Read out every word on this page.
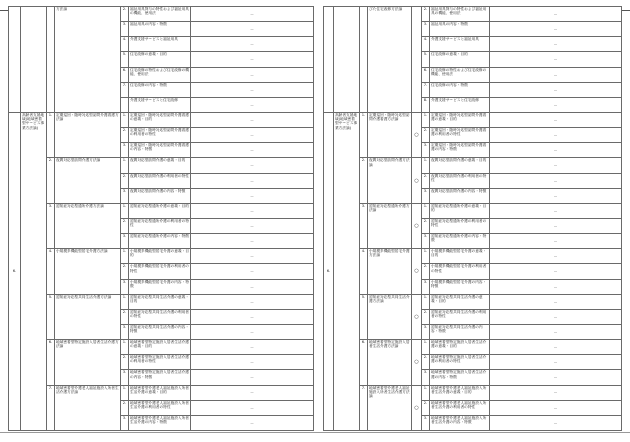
			方法論	2.	福祉用具貸与の特性および福祉用具の機能、使用法	―
				3.	福祉用具の内容・特徴	―
				4.	介護支援サービスと福祉用具	―
				5.	住宅改修の意義・目的	―
				6.	住宅改修の特性および住宅改修の機能、使用法	―
				7.	住宅改修の内容・特徴	―
					介護支援サービスと住宅改修	―
6.	高齢者支援地域(地域密着型サービス事業方法論)	1.	定期巡回・随時対応型訪問介護看護方法論	1.	定期巡回・随時対応型訪問介護看護の意義・目的	―
				2.	定期巡回・随時対応型訪問介護看護の利用者の特性	―
				3.	定期巡回・随時対応型訪問介護看護の内容・特徴	―
		2.	夜間対応型訪問介護方法論	1.	夜間対応型訪問介護の意義・目的	―
				2.	夜間対応型訪問介護の利用者の特性	―
				3.	夜間対応型訪問介護の内容・特徴	―
		3.	認知症対応型通所介護方法論	1.	認知症対応型通所介護の意義・目的	―
				2.	認知症対応型通所介護の利用者の特性	―
				3.	認知症対応型通所介護の内容・特徴	―
		4.	小規模多機能型居宅介護方法論	1.	小規模多機能型居宅介護の意義・目的	―
				2.	小規模多機能型居宅介護の利用者の特性	―
				3.	小規模多機能型居宅介護の内容・特徴	―
		5.	認知症対応型共同生活介護方法論	1.	認知症対応型共同生活介護の意義・目的	―
				2.	認知症対応型共同生活介護の利用者の特性	―
				3.	認知症対応型共同生活介護の内容・特徴	―
		6.	地域密着型特定施設入居者生活介護方法論	1.	地域密着型特定施設入居者生活介護の意義・目的	―
				2.	地域密着型特定施設入居者生活介護の利用者の特性	―
				3.	地域密着型特定施設入居者生活介護の内容・特徴	―
		7.	地域密着型介護老人福祉施設入所者生活介護方法論	1.	地域密着型介護老人福祉施設入所者生活介護の意義・目的	―
				2.	地域密着型介護老人福祉施設入所者生活介護の利用者の特性	―
				3.	地域密着型介護老人福祉施設入所者生活介護の内容・特徴	―
			びた住宅改修方法論		2.	福祉用具貸与の特性および福祉用具の機能、使用法	―
					3.	福祉用具の内容・特徴	―
					4.	介護支援サービスと福祉用具	―
					5.	住宅改修の意義・目的	―
					6.	住宅改修の特性および住宅改修の機能、使用法	―
					7.	住宅改修の内容・特徴	―
					8.	介護支援サービスと住宅改修	―
6.	高齢者支援地域(地域密着型サービス事業方法論)	1.	定期巡回・随時対応型訪問介護看護方法論	○	1.	定期巡回・随時対応型訪問介護看護の意義・目的	―
					2.	定期巡回・随時対応型訪問介護看護の利用者の特性	―
					3.	定期巡回・随時対応型訪問介護看護の内容・特徴	―
		2.	夜間対応型訪問介護方法論	○	1.	夜間対応型訪問介護の意義・目的	―
					2.	夜間対応型訪問介護の利用者の特性	―
					3.	夜間対応型訪問介護の内容・特徴	―
		3.	認知症対応型通所介護方法論	○	1.	認知症対応型通所介護の意義・目的	―
					2.	認知症対応型通所介護の利用者の特性	―
					3.	認知症対応型通所介護の内容・特徴	―
		4.	小規模多機能型居宅介護方法論	○	1.	小規模多機能型居宅介護の意義・目的	―
					2.	小規模多機能型居宅介護の利用者の特性	―
					3.	小規模多機能型居宅介護の内容・特徴	―
		5.	認知症対応型共同生活介護方法論	○	1.	認知症対応型共同生活介護の意義・目的	―
					2.	認知症対応型共同生活介護の利用者の特性	―
					3.	認知症対応型共同生活介護の内容・特徴	―
		6.	地域密着型特定施設入居者生活介護方法論	○	1.	地域密着型特定施設入居者生活介護の意義・目的	―
					2.	地域密着型特定施設入居者生活介護の利用者の特性	―
					3.	地域密着型特定施設入居者生活介護の内容・特徴	―
		7.	地域密着型介護老人福祉施設入所者生活介護方法論	○	1.	地域密着型介護老人福祉施設入所者生活介護の意義・目的	―
					2.	地域密着型介護老人福祉施設入所者生活介護の利用者の特性	―
					3.	地域密着型介護老人福祉施設入所者生活介護の内容・特徴	―
